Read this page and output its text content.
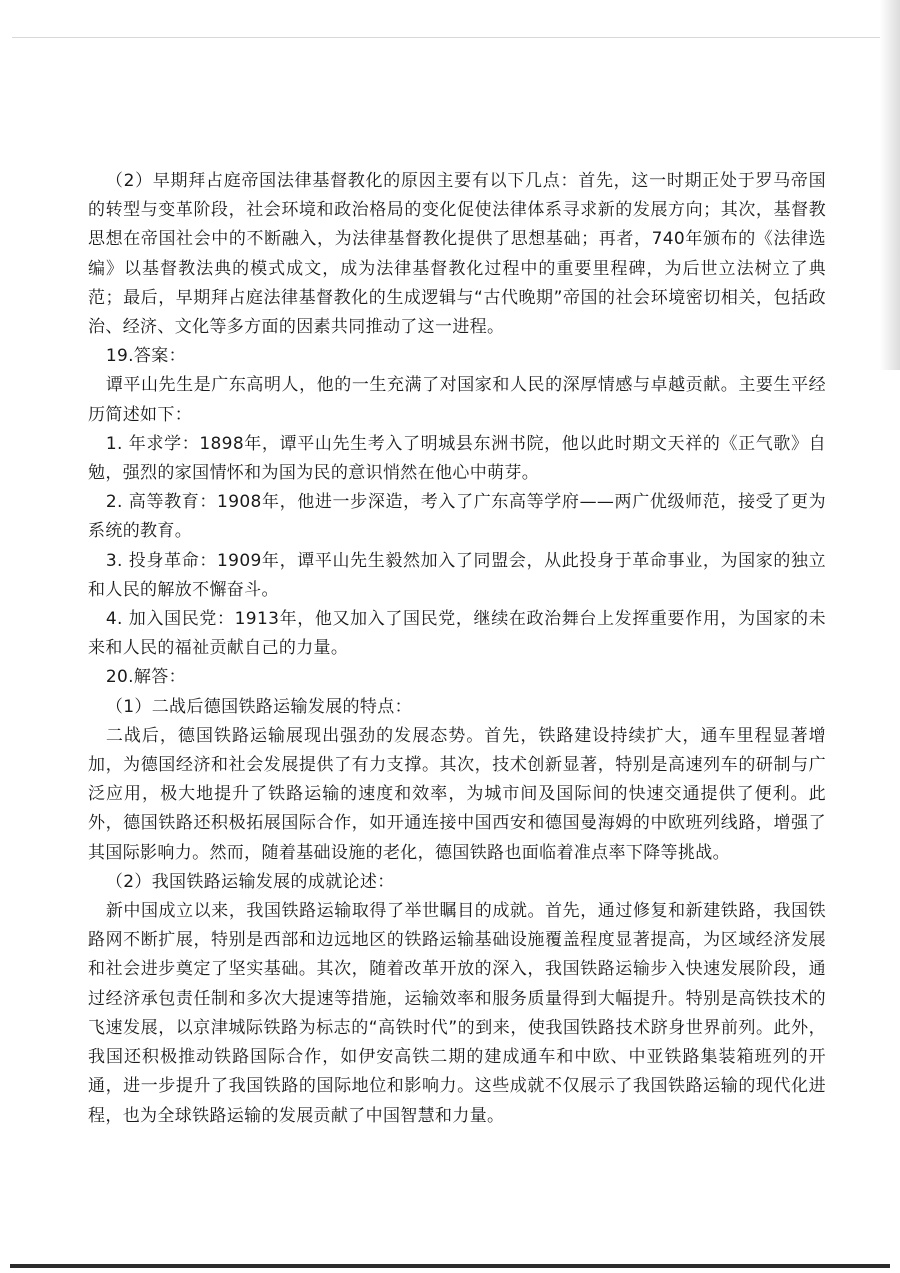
（2）早期拜占庭帝国法律基督教化的原因主要有以下几点：首先，这一时期正处于罗马帝国的转型与变革阶段，社会环境和政治格局的变化促使法律体系寻求新的发展方向；其次，基督教思想在帝国社会中的不断融入，为法律基督教化提供了思想基础；再者，740年颁布的《法律选编》以基督教法典的模式成文，成为法律基督教化过程中的重要里程碑，为后世立法树立了典范；最后，早期拜占庭法律基督教化的生成逻辑与“古代晚期”帝国的社会环境密切相关，包括政治、经济、文化等多方面的因素共同推动了这一进程。

19.答案：

谭平山先生是广东高明人，他的一生充满了对国家和人民的深厚情感与卓越贡献。主要生平经历简述如下：

1. 年求学：1898年，谭平山先生考入了明城县东洲书院，他以此时期文天祥的《正气歌》自勉，强烈的家国情怀和为国为民的意识悄然在他心中萌芽。

2. 高等教育：1908年，他进一步深造，考入了广东高等学府——两广优级师范，接受了更为系统的教育。

3. 投身革命：1909年，谭平山先生毅然加入了同盟会，从此投身于革命事业，为国家的独立和人民的解放不懈奋斗。

4. 加入国民党：1913年，他又加入了国民党，继续在政治舞台上发挥重要作用，为国家的未来和人民的福祉贡献自己的力量。

20.解答：

（1）二战后德国铁路运输发展的特点：

二战后，德国铁路运输展现出强劲的发展态势。首先，铁路建设持续扩大，通车里程显著增加，为德国经济和社会发展提供了有力支撑。其次，技术创新显著，特别是高速列车的研制与广泛应用，极大地提升了铁路运输的速度和效率，为城市间及国际间的快速交通提供了便利。此外，德国铁路还积极拓展国际合作，如开通连接中国西安和德国曼海姆的中欧班列线路，增强了其国际影响力。然而，随着基础设施的老化，德国铁路也面临着准点率下降等挑战。

（2）我国铁路运输发展的成就论述：

新中国成立以来，我国铁路运输取得了举世瞩目的成就。首先，通过修复和新建铁路，我国铁路网不断扩展，特别是西部和边远地区的铁路运输基础设施覆盖程度显著提高，为区域经济发展和社会进步奠定了坚实基础。其次，随着改革开放的深入，我国铁路运输步入快速发展阶段，通过经济承包责任制和多次大提速等措施，运输效率和服务质量得到大幅提升。特别是高铁技术的飞速发展，以京津城际铁路为标志的“高铁时代”的到来，使我国铁路技术跻身世界前列。此外，我国还积极推动铁路国际合作，如伊安高铁二期的建成通车和中欧、中亚铁路集装箱班列的开通，进一步提升了我国铁路的国际地位和影响力。这些成就不仅展示了我国铁路运输的现代化进程，也为全球铁路运输的发展贡献了中国智慧和力量。
